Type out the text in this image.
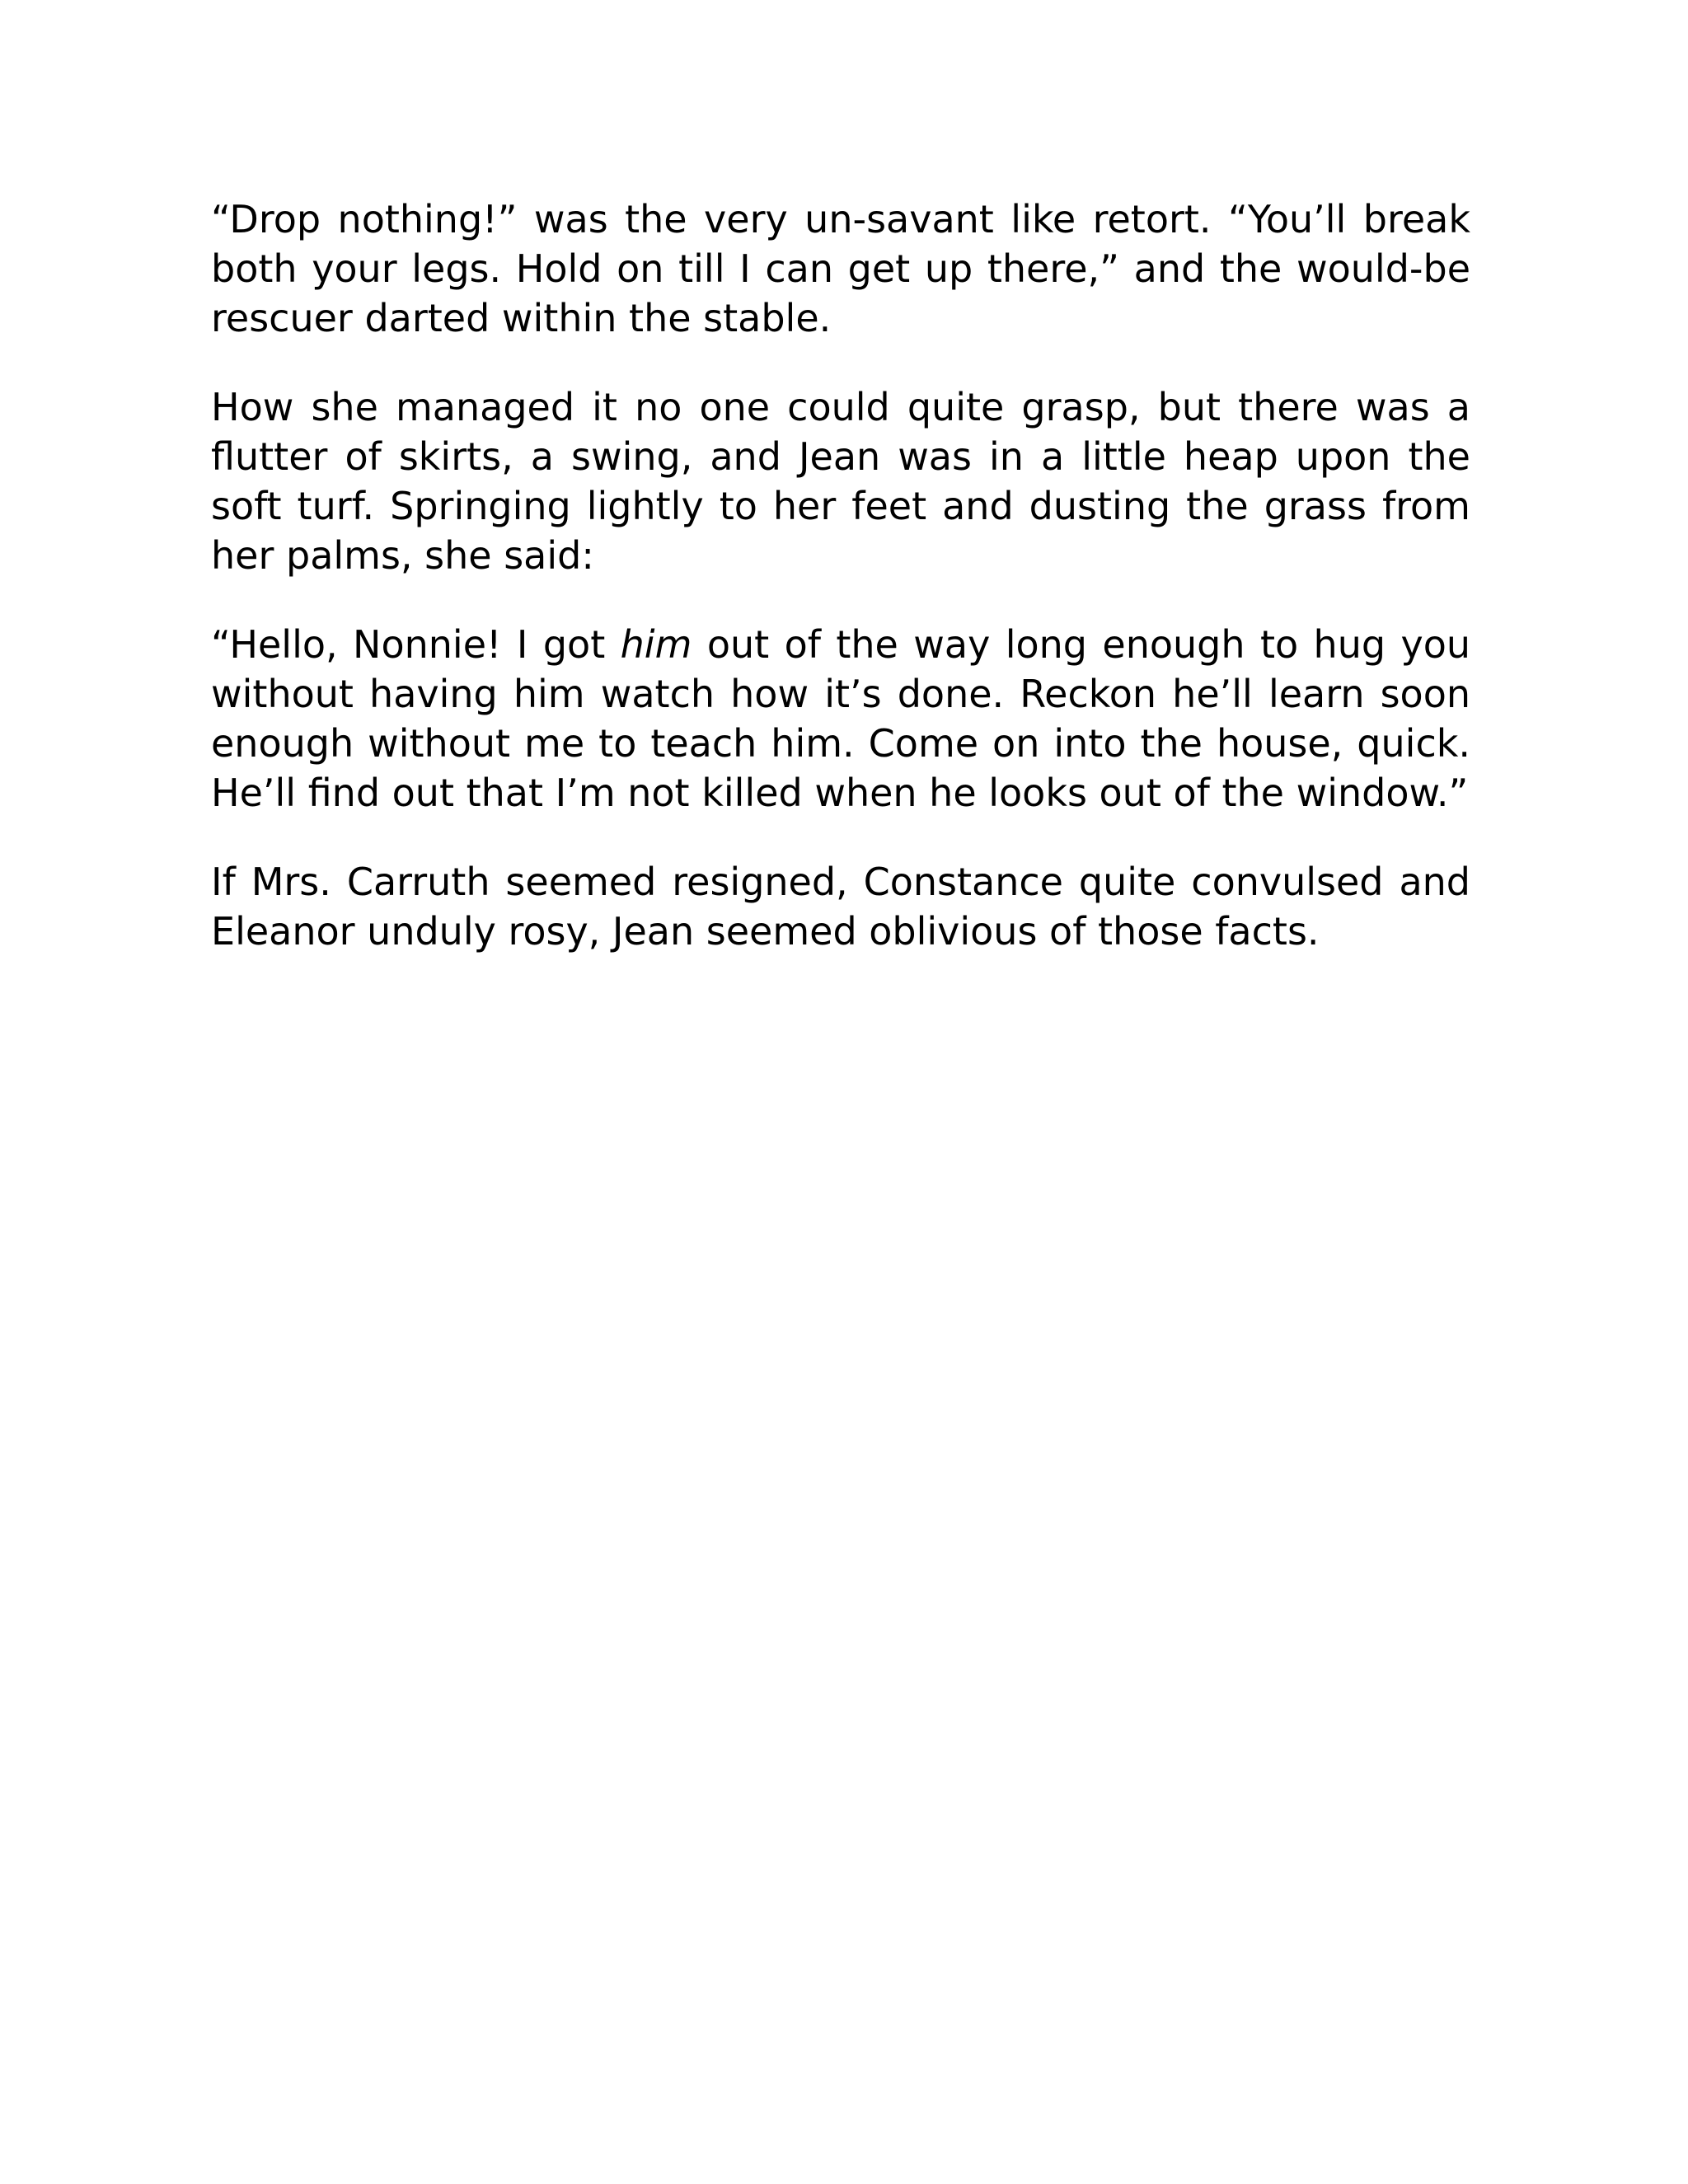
“Drop nothing!” was the very un-savant like retort. “You’ll break both your legs. Hold on till I can get up there,” and the would-be rescuer darted within the stable.

How she managed it no one could quite grasp, but there was a flutter of skirts, a swing, and Jean was in a little heap upon the soft turf. Springing lightly to her feet and dusting the grass from her palms, she said:

“Hello, Nonnie! I got him out of the way long enough to hug you without having him watch how it’s done. Reckon he’ll learn soon enough without me to teach him. Come on into the house, quick. He’ll find out that I’m not killed when he looks out of the window.”

If Mrs. Carruth seemed resigned, Constance quite convulsed and Eleanor unduly rosy, Jean seemed oblivious of those facts.
